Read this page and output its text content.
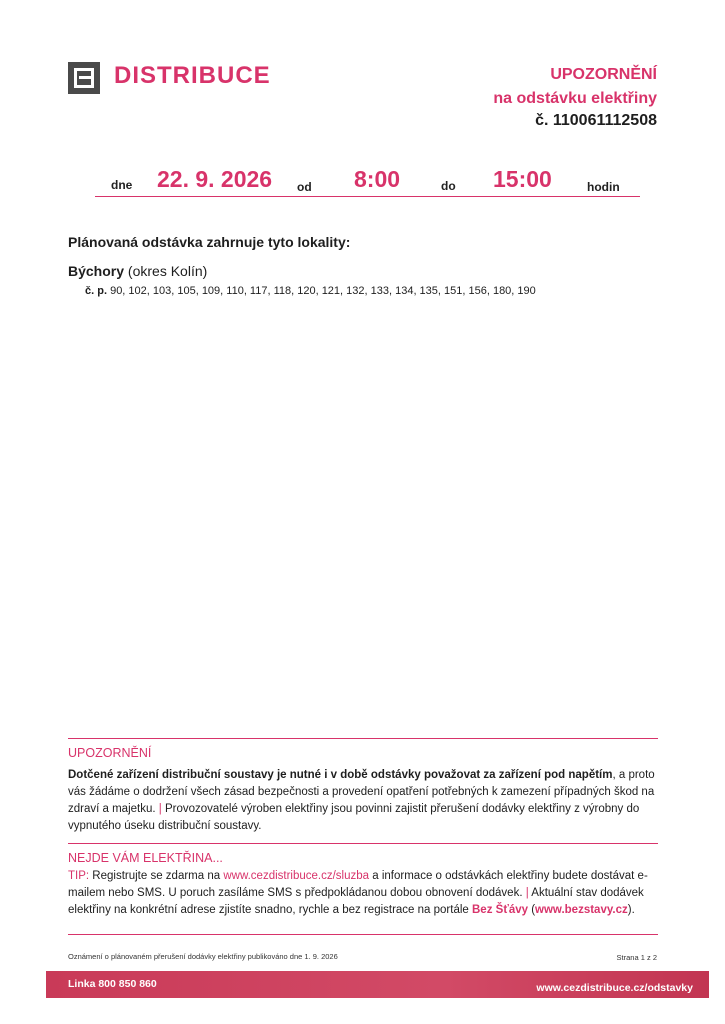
DISTRIBUCE	UPOZORNĚNÍ
na odstávku elektřiny
č. 110061112508
dne 22. 9. 2026 od 8:00	do 15:00	hodin
Plánovaná odstávka zahrnuje tyto lokality:
Býchory (okres Kolín)
č. p. 90, 102, 103, 105, 109, 110, 117, 118, 120, 121, 132, 133, 134, 135, 151, 156, 180, 190
UPOZORNĚNÍ
Dotčené zařízení distribuční soustavy je nutné i v době odstávky považovat za zařízení pod napětím, a proto vás žádáme o dodržení všech zásad bezpečnosti a provedení opatření potřebných k zamezení případných škod na zdraví a majetku. | Provozovatelé výroben elektřiny jsou povinni zajistit přerušení dodávky elektřiny z výrobny do vypnutého úseku distribuční soustavy.
NEJDE VÁM ELEKTŘINA...
TIP: Registrujte se zdarma na www.cezdistribuce.cz/sluzba a informace o odstávkách elektřiny budete dostávat e-mailem nebo SMS. U poruch zasíláme SMS s předpokládanou dobou obnovení dodávek. | Aktuální stav dodávek elektřiny na konkrétní adrese zjistíte snadno, rychle a bez registrace na portále Bez Šťávy (www.bezstavy.cz).
Oznámení o plánovaném přerušení dodávky elektřiny publikováno dne 1. 9. 2026	Strana 1 z 2
Linka 800 850 860	www.cezdistribuce.cz/odstavky
